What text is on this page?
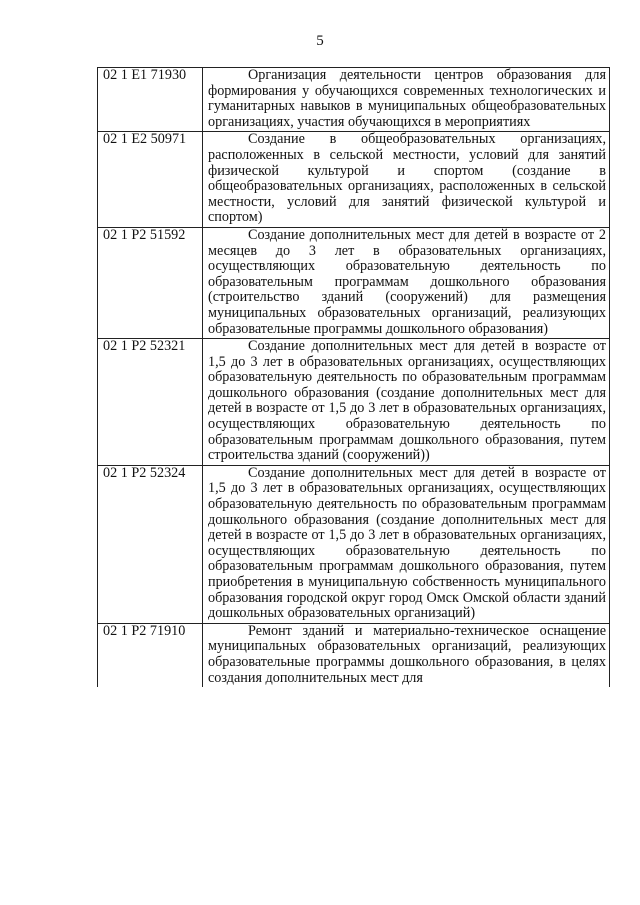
5
02 1 E1 71930	Организация деятельности центров образования для формирования у обучающихся современных технологических и гуманитарных навыков в муниципальных общеобразовательных организациях, участия обучающихся в мероприятиях

02 1 E2 50971	Создание в общеобразовательных организациях, расположенных в сельской местности, условий для занятий физической культурой и спортом (создание в общеобразовательных организациях, расположенных в сельской местности, условий для занятий физической культурой и спортом)

02 1 P2 51592	Создание дополнительных мест для детей в возрасте от 2 месяцев до 3 лет в образовательных организациях, осуществляющих образовательную деятельность по образовательным программам дошкольного образования (строительство зданий (сооружений) для размещения муниципальных образовательных организаций, реализующих образовательные программы дошкольного образования)

02 1 P2 52321	Создание дополнительных мест для детей в возрасте от 1,5 до 3 лет в образовательных организациях, осуществляющих образовательную деятельность по образовательным программам дошкольного образования (создание дополнительных мест для детей в возрасте от 1,5 до 3 лет в образовательных организациях, осуществляющих образовательную деятельность по образовательным программам дошкольного образования, путем строительства зданий (сооружений))

02 1 P2 52324	Создание дополнительных мест для детей в возрасте от 1,5 до 3 лет в образовательных организациях, осуществляющих образовательную деятельность по образовательным программам дошкольного образования (создание дополнительных мест для детей в возрасте от 1,5 до 3 лет в образовательных организациях, осуществляющих образовательную деятельность по образовательным программам дошкольного образования, путем приобретения в муниципальную собственность муниципального образования городской округ город Омск Омской области зданий дошкольных образовательных организаций)

02 1 P2 71910	Ремонт зданий и материально-техническое оснащение муниципальных образовательных организаций, реализующих образовательные программы дошкольного образования, в целях создания дополнительных мест для
